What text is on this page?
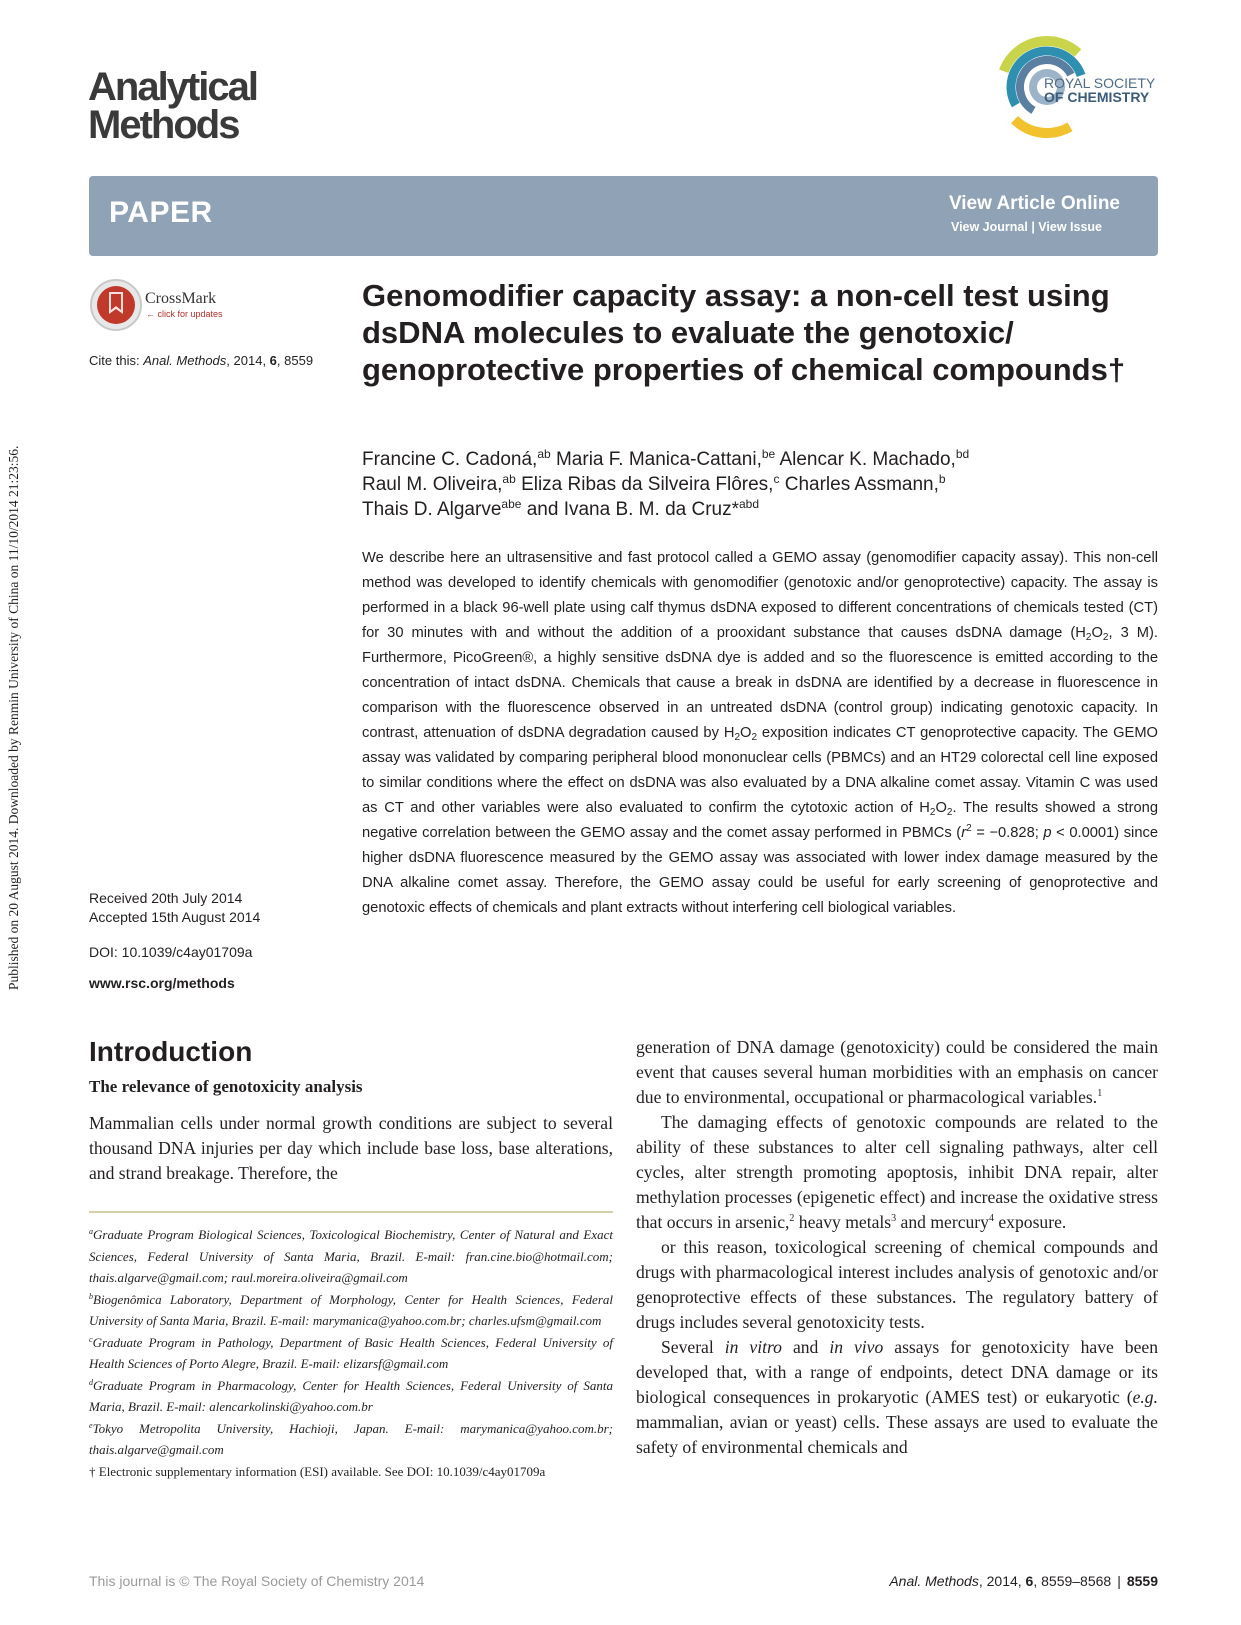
Published on 20 August 2014. Downloaded by Renmin University of China on 11/10/2014 21:23:56.
Analytical
Methods
ROYAL SOCIETY
OF CHEMISTRY
PAPER	View Article Online
View Journal | View Issue
CrossMark
← click for updates
Cite this: Anal. Methods, 2014, 6, 8559
Received 20th July 2014
Accepted 15th August 2014
DOI: 10.1039/c4ay01709a
www.rsc.org/methods
Genomodifier capacity assay: a non-cell test using dsDNA molecules to evaluate the genotoxic/ genoprotective properties of chemical compounds†
Francine C. Cadoná,$^{ab}$ Maria F. Manica-Cattani,$^{be}$ Alencar K. Machado,$^{bd}$
Raul M. Oliveira,$^{ab}$ Eliza Ribas da Silveira Flôres,$^c$ Charles Assmann,$^b$
Thais D. Algarve$^{abe}$ and Ivana B. M. da Cruz*$^{abd}$
We describe here an ultrasensitive and fast protocol called a GEMO assay (genomodifier capacity assay). This non-cell method was developed to identify chemicals with genomodifier (genotoxic and/or genoprotective) capacity. The assay is performed in a black 96-well plate using calf thymus dsDNA exposed to different concentrations of chemicals tested (CT) for 30 minutes with and without the addition of a prooxidant substance that causes dsDNA damage ($H_2O_2$, 3 M). Furthermore, PicoGreen®, a highly sensitive dsDNA dye is added and so the fluorescence is emitted according to the concentration of intact dsDNA. Chemicals that cause a break in dsDNA are identified by a decrease in fluorescence in comparison with the fluorescence observed in an untreated dsDNA (control group) indicating genotoxic capacity. In contrast, attenuation of dsDNA degradation caused by $H_2O_2$ exposition indicates CT genoprotective capacity. The GEMO assay was validated by comparing peripheral blood mononuclear cells (PBMCs) and an HT29 colorectal cell line exposed to similar conditions where the effect on dsDNA was also evaluated by a DNA alkaline comet assay. Vitamin C was used as CT and other variables were also evaluated to confirm the cytotoxic action of $H_2O_2$. The results showed a strong negative correlation between the GEMO assay and the comet assay performed in PBMCs ($r^2 = -0.828$; p < 0.0001) since higher dsDNA fluorescence measured by the GEMO assay was associated with lower index damage measured by the DNA alkaline comet assay. Therefore, the GEMO assay could be useful for early screening of genoprotective and genotoxic effects of chemicals and plant extracts without interfering cell biological variables.
Introduction
The relevance of genotoxicity analysis

Mammalian cells under normal growth conditions are subject to several thousand DNA injuries per day which include base loss, base alterations, and strand breakage. Therefore, the

$^a$Graduate Program Biological Sciences, Toxicological Biochemistry, Center of Natural and Exact Sciences, Federal University of Santa Maria, Brazil. E-mail: fran.cine.bio@hotmail.com; thais.algarve@gmail.com; raul.moreira.oliveira@gmail.com

$^b$Biogenômica Laboratory, Department of Morphology, Center for Health Sciences, Federal University of Santa Maria, Brazil. E-mail: marymanica@yahoo.com.br; charles.ufsm@gmail.com

$^c$Graduate Program in Pathology, Department of Basic Health Sciences, Federal University of Health Sciences of Porto Alegre, Brazil. E-mail: elizarsf@gmail.com

$^d$Graduate Program in Pharmacology, Center for Health Sciences, Federal University of Santa Maria, Brazil. E-mail: alencarkolinski@yahoo.com.br

$^e$Tokyo Metropolita University, Hachioji, Japan. E-mail: marymanica@yahoo.com.br; thais.algarve@gmail.com

† Electronic supplementary information (ESI) available. See DOI: 10.1039/c4ay01709a

generation of DNA damage (genotoxicity) could be considered the main event that causes several human morbidities with an emphasis on cancer due to environmental, occupational or pharmacological variables.$^1$

The damaging effects of genotoxic compounds are related to the ability of these substances to alter cell signaling pathways, alter cell cycles, alter strength promoting apoptosis, inhibit DNA repair, alter methylation processes (epigenetic effect) and increase the oxidative stress that occurs in arsenic,$^2$ heavy metals$^3$ and mercury$^4$ exposure.

or this reason, toxicological screening of chemical compounds and drugs with pharmacological interest includes analysis of genotoxic and/or genoprotective effects of these substances. The regulatory battery of drugs includes several genotoxicity tests.

Several in vitro and in vivo assays for genotoxicity have been developed that, with a range of endpoints, detect DNA damage or its biological consequences in prokaryotic (AMES test) or eukaryotic (e.g. mammalian, avian or yeast) cells. These assays are used to evaluate the safety of environmental chemicals and

This journal is © The Royal Society of Chemistry 2014	Anal. Methods, 2014, 6, 8559–8568 | 8559
